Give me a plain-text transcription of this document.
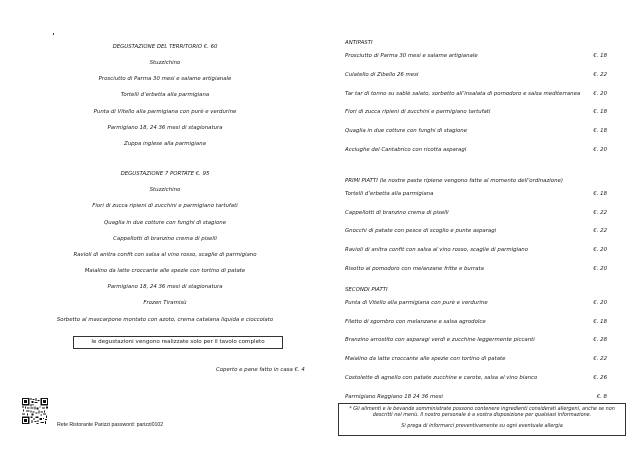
DEGUSTAZIONE DEL TERRITORIO €. 60
Stuzzichino
Prosciutto di Parma 30 mesi e salame artigianale
Tortelli d’erbetta alla parmigiana
Punta di Vitello alla parmigiana con purè e verdurine
Parmigiano 18, 24 36 mesi di stagionatura
Zuppa inglese alla parmigiana
DEGUSTAZIONE 7 PORTATE €. 95
Stuzzichino
Fiori di zucca ripieni di zucchini e parmigiano tartufati
Quaglia in due cotture con funghi di stagione
Cappellotti di branzino crema di piselli
Ravioli di anitra confit con salsa al vino rosso, scaglie di parmigiano
Maialino da latte croccante alle spezie con tortino di patate
Parmigiano 18, 24 36 mesi di stagionatura
Frozen Tiramisù
Sorbetto al mascarpone montato con azoto, crema catalana liquida e cioccolato
le degustazioni vengono realizzate solo per il tavolo completo
Coperto e pane fatto in casa €. 4
Rete Ristorante Parizzi password: parizzi0102
ANTIPASTI
Prosciutto di Parma 30 mesi e salame artigianale	€. 18
Culatello di Zibello 26 mesi	€. 22
Tar tar di tonno su sablè salato, sorbetto all’insalata di pomodoro e salsa mediterranea €. 20
Fiori di zucca ripieni di zucchini e parmigiano tartufati	€. 18
Quaglia in due cotture con funghi di stagione	€. 18
Acciughe del Cantabrico con ricotta asparagi	€. 20
PRIMI PIATTI (le nostre paste ripiene vengono fatte al momento dell’ordinazione)
Tortelli d’erbetta alla parmigiana	€. 18
Cappellotti di branzino crema di piselli	€. 22
Gnocchi di patate con pesce di scoglio e punte asparagi	€. 22
Ravioli di anitra confit con salsa al vino rosso, scaglie di parmigiano	€. 20
Risotto al pomodoro con melanzane fritte e burrata	€. 20
SECONDI PIATTI
Punta di Vitello alla parmigiana con purè e verdurine	€. 20
Filetto di sgombro con melanzane e salsa agrodolce	€. 18
Branzino arrostito con asparagi verdi e zucchine leggermente piccanti	€. 28
Maialino da latte croccante alle spezie con tortino di patate	€. 22
Costolette di agnello con patate zucchine e carote, salsa al vino bianco	€. 26
Parmigiano Reggiano 18 24 36 mesi	€. 8
* Gli alimenti e le bevande somministrate possono contenere ingredienti considerati allergeni, anche se non
descritti nel menù. Il nostro personale è a vostra disposizione per qualsiasi informazione.
Si prega di informarci preventivamente su ogni eventuale allergia
